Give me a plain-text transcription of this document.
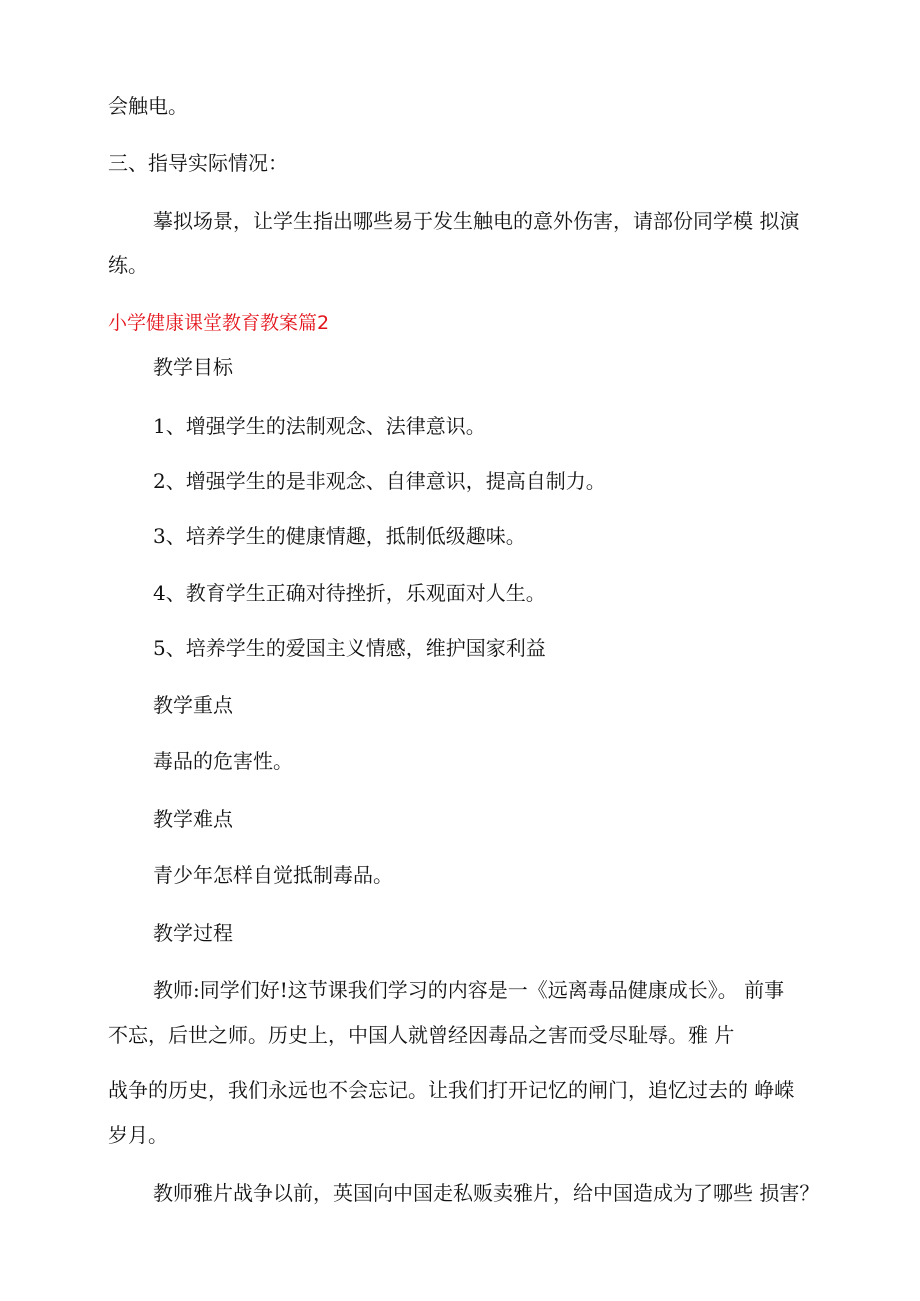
会触电。
三、指导实际情况：
摹拟场景，让学生指出哪些易于发生触电的意外伤害，请部份同学模 拟演
练。
小学健康课堂教育教案篇2
教学目标
1、增强学生的法制观念、法律意识。
2、增强学生的是非观念、自律意识，提高自制力。
3、培养学生的健康情趣，抵制低级趣味。
4、教育学生正确对待挫折，乐观面对人生。
5、培养学生的爱国主义情感，维护国家利益
教学重点
毒品的危害性。
教学难点
青少年怎样自觉抵制毒品。
教学过程
教师:同学们好!这节课我们学习的内容是一《远离毒品健康成长》。 前事
不忘，后世之师。历史上，中国人就曾经因毒品之害而受尽耻辱。雅 片
战争的历史，我们永远也不会忘记。让我们打开记忆的闸门，追忆过去的 峥嵘
岁月。
教师雅片战争以前，英国向中国走私贩卖雅片，给中国造成为了哪些 损害？
